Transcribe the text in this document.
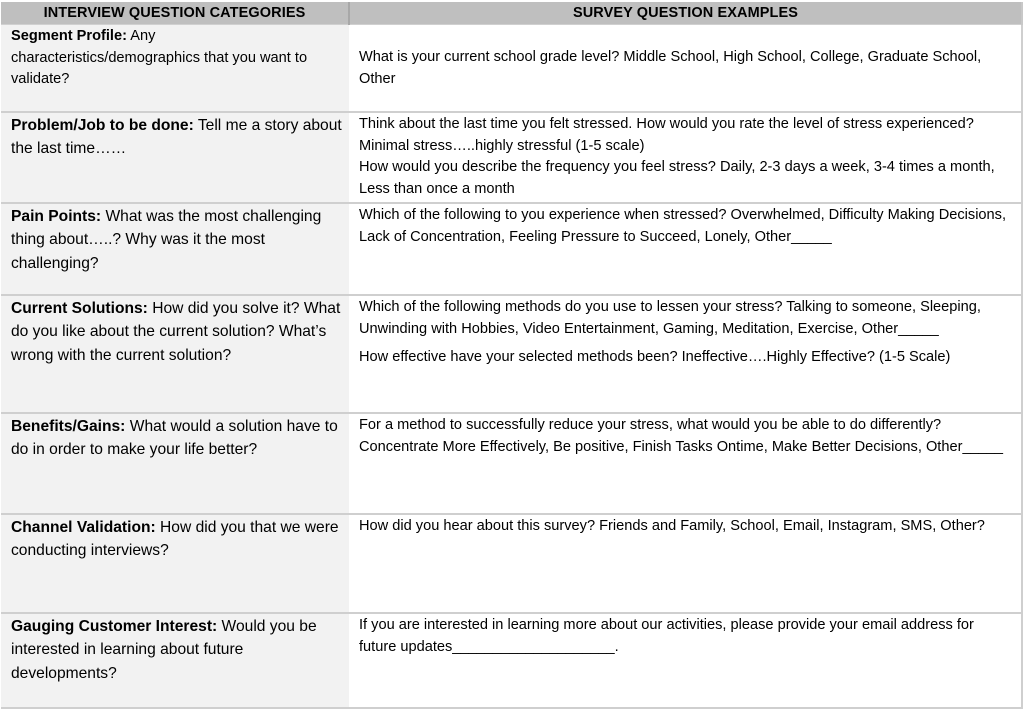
INTERVIEW QUESTION CATEGORIES	SURVEY QUESTION EXAMPLES
Segment Profile: Any characteristics/demographics that you want to validate?	What is your current school grade level? Middle School, High School, College, Graduate School, Other

Problem/Job to be done: Tell me a story about the last time……	Think about the last time you felt stressed. How would you rate the level of stress experienced? Minimal stress…..highly stressful (1-5 scale)

How would you describe the frequency you feel stress? Daily, 2-3 days a week, 3-4 times a month, Less than once a month

Pain Points: What was the most challenging thing about…..? Why was it the most challenging?	Which of the following to you experience when stressed? Overwhelmed, Difficulty Making Decisions, Lack of Concentration, Feeling Pressure to Succeed, Lonely, Other_____

Current Solutions: How did you solve it? What do you like about the current solution? What’s wrong with the current solution?	Which of the following methods do you use to lessen your stress? Talking to someone, Sleeping, Unwinding with Hobbies, Video Entertainment, Gaming, Meditation, Exercise, Other_____

How effective have your selected methods been? Ineffective….Highly Effective? (1-5 Scale)

Benefits/Gains: What would a solution have to do in order to make your life better?	For a method to successfully reduce your stress, what would you be able to do differently? Concentrate More Effectively, Be positive, Finish Tasks Ontime, Make Better Decisions, Other_____

Channel Validation: How did you that we were conducting interviews?	How did you hear about this survey? Friends and Family, School, Email, Instagram, SMS, Other?

Gauging Customer Interest: Would you be interested in learning about future developments?	If you are interested in learning more about our activities, please provide your email address for future updates____________________.
